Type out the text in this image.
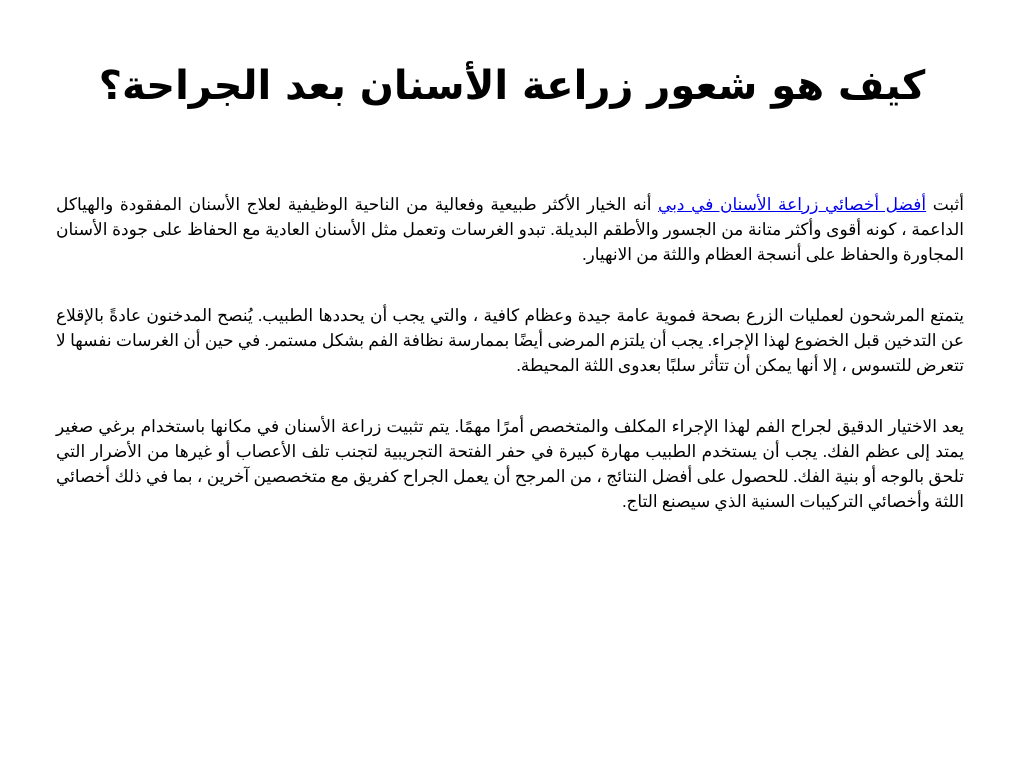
كيف هو شعور زراعة الأسنان بعد الجراحة؟

أثبت أفضل أخصائي زراعة الأسنان في دبي أنه الخيار الأكثر طبيعية وفعالية من الناحية الوظيفية لعلاج الأسنان المفقودة والهياكل الداعمة ، كونه أقوى وأكثر متانة من الجسور والأطقم البديلة. تبدو الغرسات وتعمل مثل الأسنان العادية مع الحفاظ على جودة الأسنان المجاورة والحفاظ على أنسجة العظام واللثة من الانهيار.

يتمتع المرشحون لعمليات الزرع بصحة فموية عامة جيدة وعظام كافية ، والتي يجب أن يحددها الطبيب. يُنصح المدخنون عادةً بالإقلاع عن التدخين قبل الخضوع لهذا الإجراء. يجب أن يلتزم المرضى أيضًا بممارسة نظافة الفم بشكل مستمر. في حين أن الغرسات نفسها لا تتعرض للتسوس ، إلا أنها يمكن أن تتأثر سلبًا بعدوى اللثة المحيطة.

يعد الاختيار الدقيق لجراح الفم لهذا الإجراء المكلف والمتخصص أمرًا مهمًا. يتم تثبيت زراعة الأسنان في مكانها باستخدام برغي صغير يمتد إلى عظم الفك. يجب أن يستخدم الطبيب مهارة كبيرة في حفر الفتحة التجريبية لتجنب تلف الأعصاب أو غيرها من الأضرار التي تلحق بالوجه أو بنية الفك. للحصول على أفضل النتائج ، من المرجح أن يعمل الجراح كفريق مع متخصصين آخرين ، بما في ذلك أخصائي اللثة وأخصائي التركيبات السنية الذي سيصنع التاج.
